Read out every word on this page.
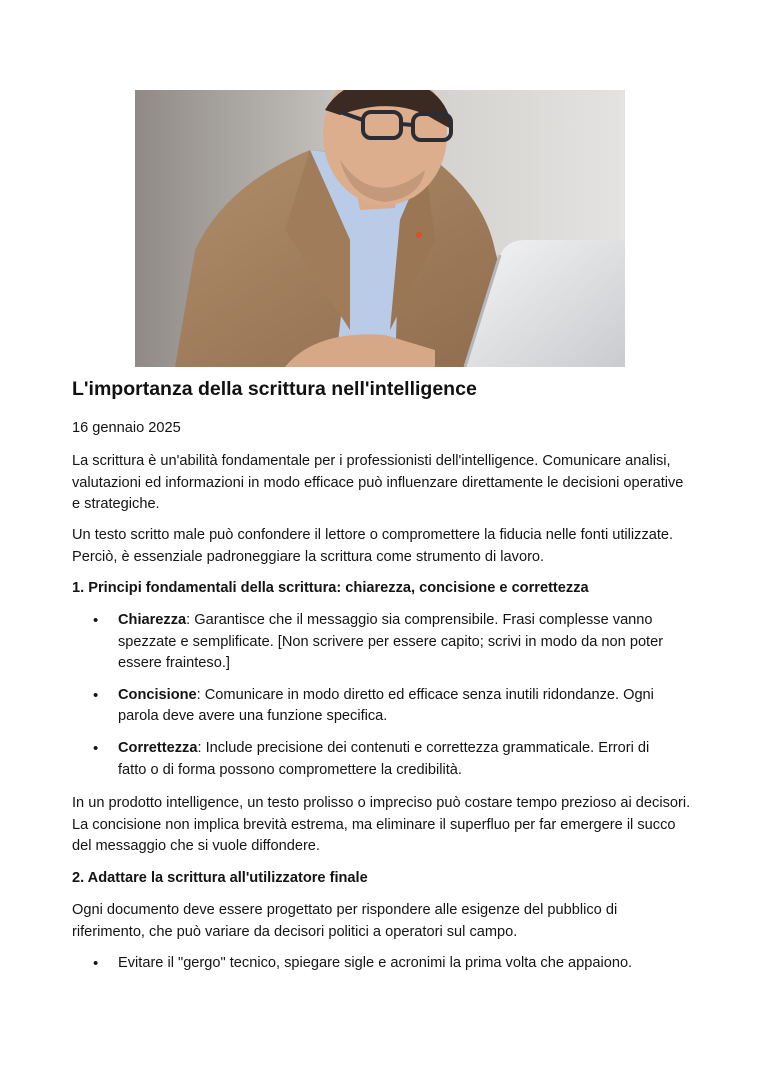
L'importanza della scrittura nell'intelligence

16 gennaio 2025

La scrittura è un'abilità fondamentale per i professionisti dell'intelligence. Comunicare analisi, valutazioni ed informazioni in modo efficace può influenzare direttamente le decisioni operative e strategiche.

Un testo scritto male può confondere il lettore o compromettere la fiducia nelle fonti utilizzate. Perciò, è essenziale padroneggiare la scrittura come strumento di lavoro.

1. Principi fondamentali della scrittura: chiarezza, concisione e correttezza

• Chiarezza: Garantisce che il messaggio sia comprensibile. Frasi complesse vanno spezzate e semplificate. [Non scrivere per essere capito; scrivi in modo da non poter essere frainteso.]
• Concisione: Comunicare in modo diretto ed efficace senza inutili ridondanze. Ogni parola deve avere una funzione specifica.
• Correttezza: Include precisione dei contenuti e correttezza grammaticale. Errori di fatto o di forma possono compromettere la credibilità.

In un prodotto intelligence, un testo prolisso o impreciso può costare tempo prezioso ai decisori. La concisione non implica brevità estrema, ma eliminare il superfluo per far emergere il succo del messaggio che si vuole diffondere.

2. Adattare la scrittura all'utilizzatore finale

Ogni documento deve essere progettato per rispondere alle esigenze del pubblico di riferimento, che può variare da decisori politici a operatori sul campo.

• Evitare il "gergo" tecnico, spiegare sigle e acronimi la prima volta che appaiono.
